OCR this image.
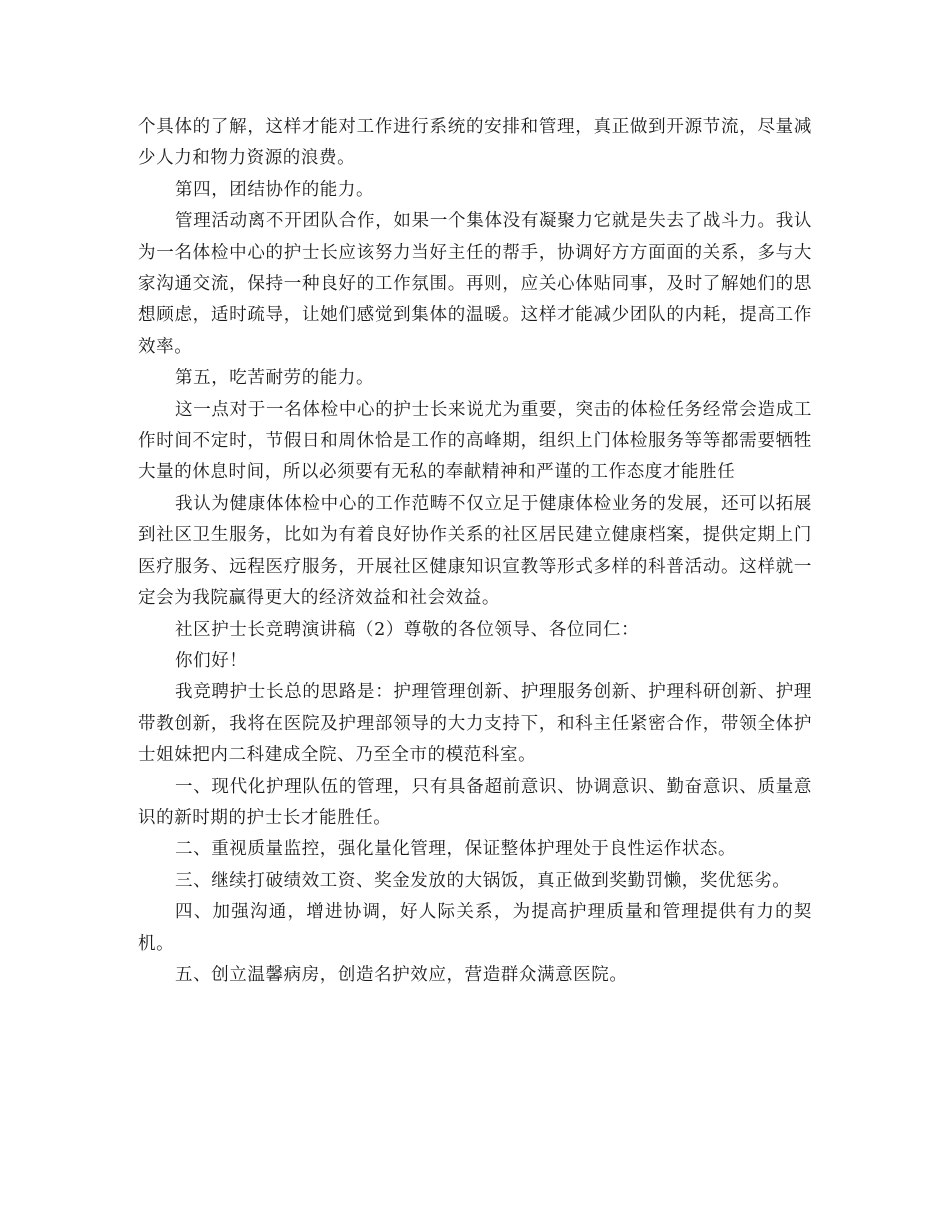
个具体的了解，这样才能对工作进行系统的安排和管理，真正做到开源节流，尽量减少人力和物力资源的浪费。

第四，团结协作的能力。

管理活动离不开团队合作，如果一个集体没有凝聚力它就是失去了战斗力。我认为一名体检中心的护士长应该努力当好主任的帮手，协调好方方面面的关系，多与大家沟通交流，保持一种良好的工作氛围。再则，应关心体贴同事，及时了解她们的思想顾虑，适时疏导，让她们感觉到集体的温暖。这样才能减少团队的内耗，提高工作效率。

第五，吃苦耐劳的能力。

这一点对于一名体检中心的护士长来说尤为重要，突击的体检任务经常会造成工作时间不定时，节假日和周休恰是工作的高峰期，组织上门体检服务等等都需要牺牲大量的休息时间，所以必须要有无私的奉献精神和严谨的工作态度才能胜任

我认为健康体体检中心的工作范畴不仅立足于健康体检业务的发展，还可以拓展到社区卫生服务，比如为有着良好协作关系的社区居民建立健康档案，提供定期上门医疗服务、远程医疗服务，开展社区健康知识宣教等形式多样的科普活动。这样就一定会为我院赢得更大的经济效益和社会效益。

社区护士长竞聘演讲稿（2）尊敬的各位领导、各位同仁：

你们好！

我竞聘护士长总的思路是：护理管理创新、护理服务创新、护理科研创新、护理带教创新，我将在医院及护理部领导的大力支持下，和科主任紧密合作，带领全体护士姐妹把内二科建成全院、乃至全市的模范科室。

一、现代化护理队伍的管理，只有具备超前意识、协调意识、勤奋意识、质量意识的新时期的护士长才能胜任。

二、重视质量监控，强化量化管理，保证整体护理处于良性运作状态。

三、继续打破绩效工资、奖金发放的大锅饭，真正做到奖勤罚懒，奖优惩劣。

四、加强沟通，增进协调，好人际关系，为提高护理质量和管理提供有力的契机。

五、创立温馨病房，创造名护效应，营造群众满意医院。
